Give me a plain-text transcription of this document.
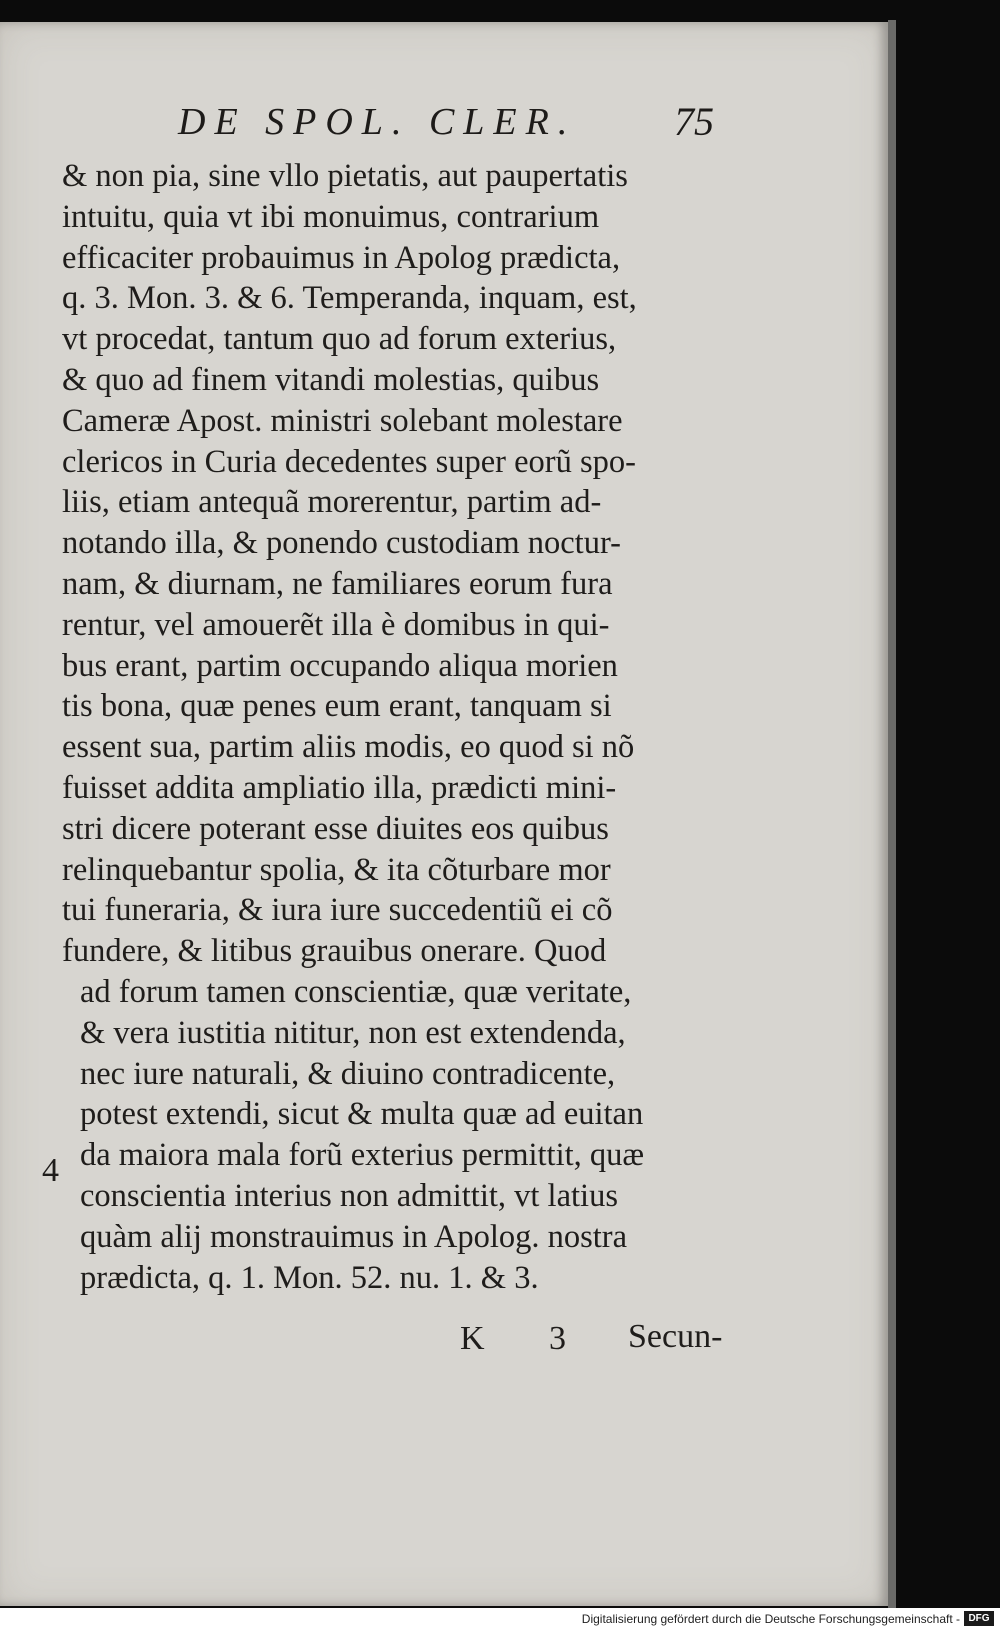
DE SPOL. CLER. 75
& non pia, sine vllo pietatis, aut paupertatis
intuitu, quia vt ibi monuimus, contrarium
efficaciter probauimus in Apolog prædicta,
q. 3. Mon. 3. & 6. Temperanda, inquam, est,
vt procedat, tantum quo ad forum exterius,
& quo ad finem vitandi molestias, quibus
Cameræ Apost. ministri solebant molestare
clericos in Curia decedentes super eorũ spo-
liis, etiam antequã morerentur, partim ad-
notando illa, & ponendo custodiam noctur-
nam, & diurnam, ne familiares eorum fura
rentur, vel amouerẽt illa è domibus in qui-
bus erant, partim occupando aliqua morien
tis bona, quæ penes eum erant, tanquam si
essent sua, partim aliis modis, eo quod si nõ
fuisset addita ampliatio illa, prædicti mini-
stri dicere poterant esse diuites eos quibus
relinquebantur spolia, & ita cõturbare mor
tui funeraria, & iura iure succedentiũ ei cõ
fundere, & litibus grauibus onerare. Quod
ad forum tamen conscientiæ, quæ veritate,
& vera iustitia nititur, non est extendenda,
nec iure naturali, & diuino contradicente,
potest extendi, sicut & multa quæ ad euitan
da maiora mala forũ exterius permittit, quæ
conscientia interius non admittit, vt latius
quàm alij monstrauimus in Apolog. nostra
prædicta, q. 1. Mon. 52. nu. 1. & 3.
4
K 3 Secun-
Digitalisierung gefördert durch die Deutsche Forschungsgemeinschaft - DFG
